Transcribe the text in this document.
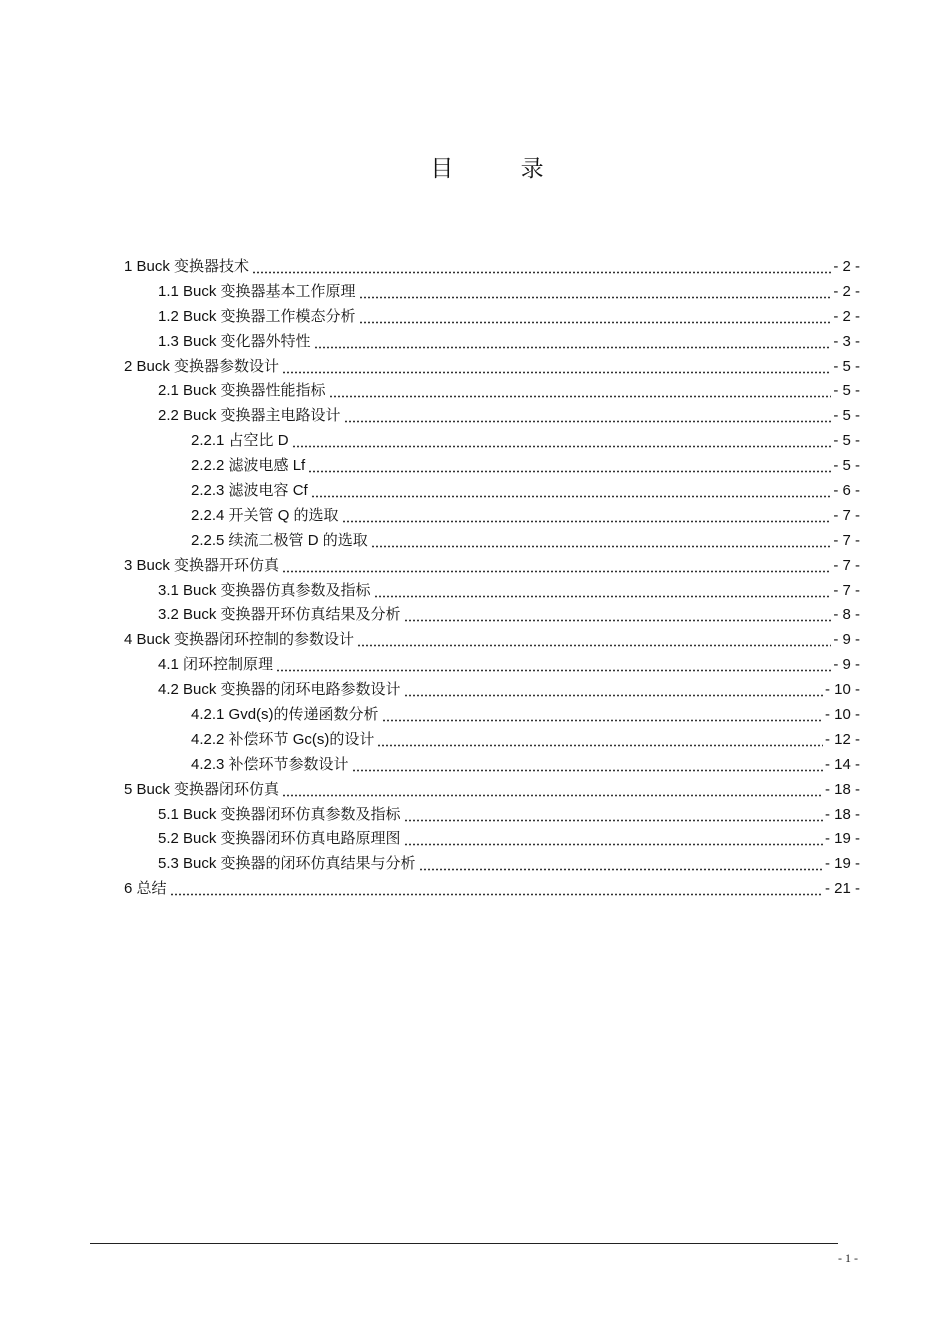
目 录
1 Buck 变换器技术	- 2 -
1.1 Buck 变换器基本工作原理	- 2 -
1.2 Buck 变换器工作模态分析	- 2 -
1.3 Buck 变化器外特性	- 3 -
2 Buck 变换器参数设计	- 5 -
2.1 Buck 变换器性能指标	- 5 -
2.2 Buck 变换器主电路设计	- 5 -
2.2.1 占空比 D	- 5 -
2.2.2 滤波电感 Lf	- 5 -
2.2.3 滤波电容 Cf	- 6 -
2.2.4 开关管 Q 的选取	- 7 -
2.2.5 续流二极管 D 的选取	- 7 -
3 Buck 变换器开环仿真	- 7 -
3.1 Buck 变换器仿真参数及指标	- 7 -
3.2 Buck 变换器开环仿真结果及分析	- 8 -
4 Buck 变换器闭环控制的参数设计	- 9 -
4.1 闭环控制原理	- 9 -
4.2 Buck 变换器的闭环电路参数设计	- 10 -
4.2.1 Gvd(s)的传递函数分析	- 10 -
4.2.2 补偿环节 Gc(s)的设计	- 12 -
4.2.3 补偿环节参数设计	- 14 -
5 Buck 变换器闭环仿真	- 18 -
5.1 Buck 变换器闭环仿真参数及指标	- 18 -
5.2 Buck 变换器闭环仿真电路原理图	- 19 -
5.3 Buck 变换器的闭环仿真结果与分析	- 19 -
6 总结	- 21 -
- 1 -
